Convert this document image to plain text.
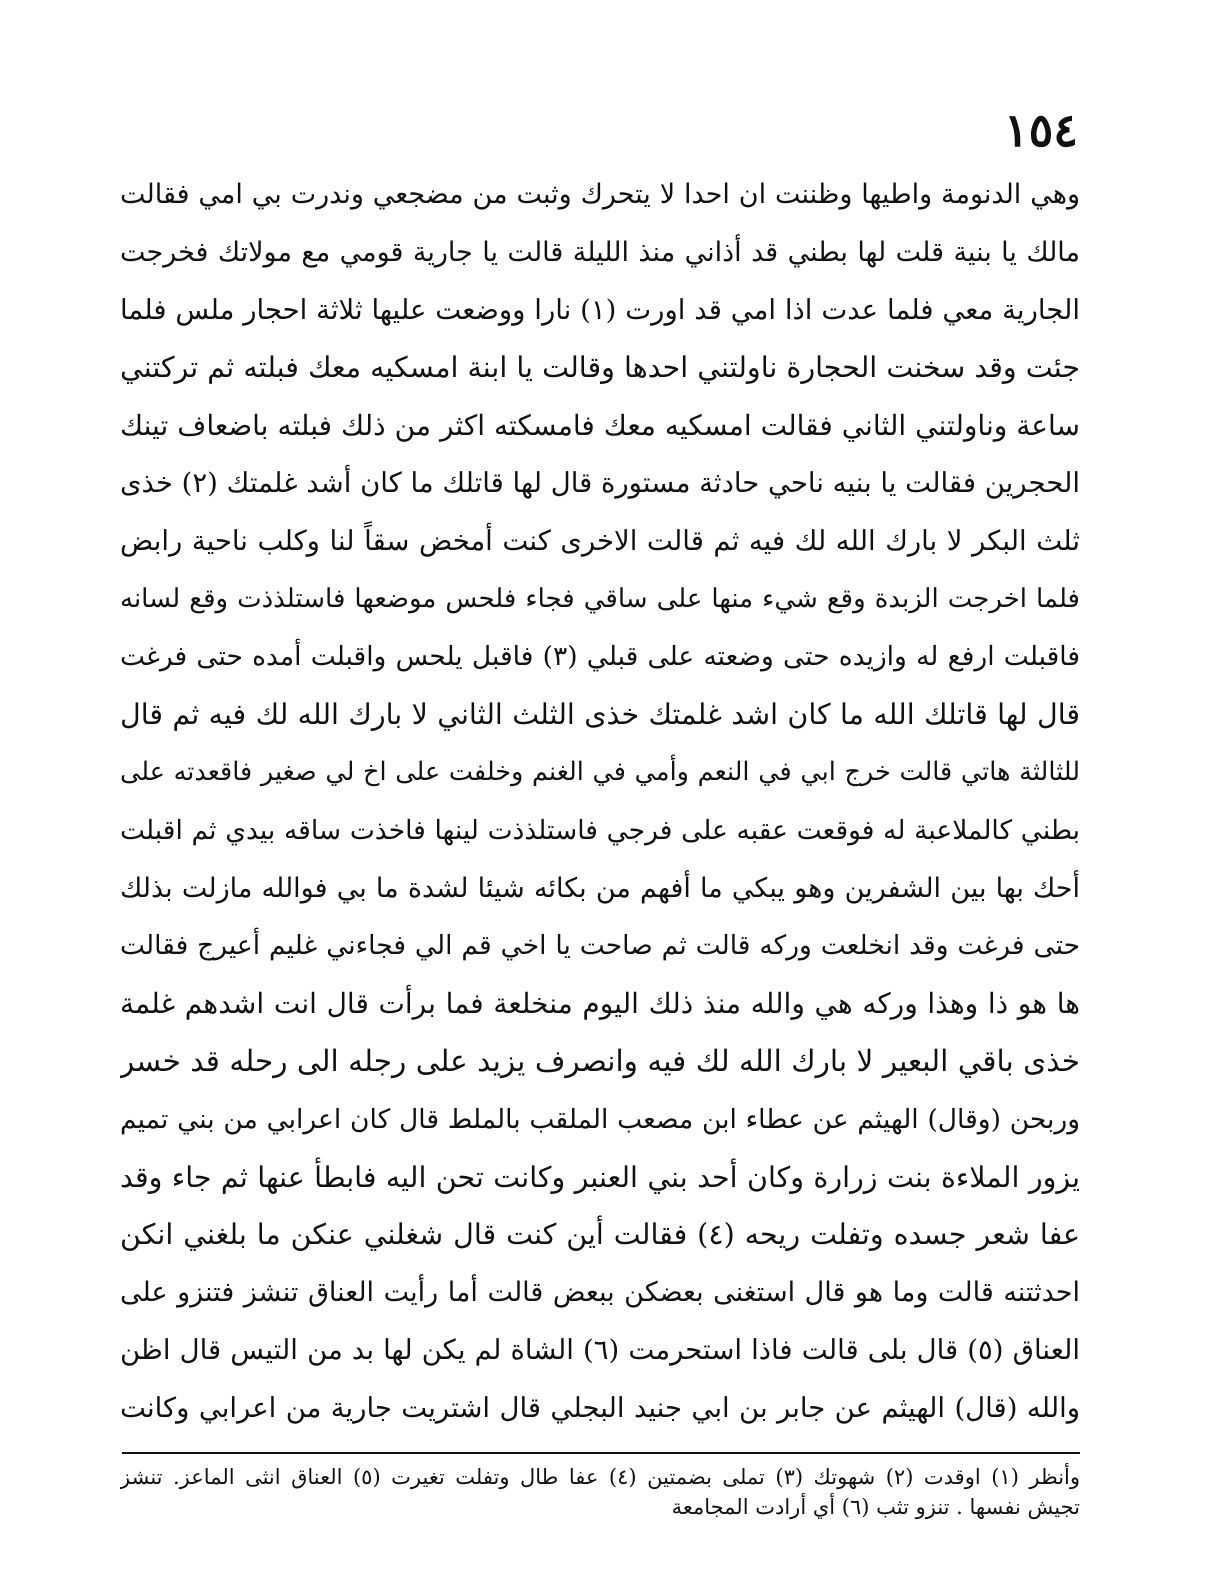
١٥٤
وهي الدنومة واطيها وظننت ان احدا لا يتحرك وثبت من مضجعي وندرت بي امي فقالت
مالك يا بنية قلت لها بطني قد أذاني منذ الليلة قالت يا جارية قومي مع مولاتك فخرجت
الجارية معي فلما عدت اذا امي قد اورت (١) نارا ووضعت عليها ثلاثة احجار ملس فلما
جئت وقد سخنت الحجارة ناولتني احدها وقالت يا ابنة امسكيه معك فبلته ثم تركتني
ساعة وناولتني الثاني فقالت امسكيه معك فامسكته اكثر من ذلك فبلته باضعاف تينك
الحجرين فقالت يا بنيه ناحي حادثة مستورة قال لها قاتلك ما كان أشد غلمتك (٢) خذى
ثلث البكر لا بارك الله لك فيه ثم قالت الاخرى كنت أمخض سقاً لنا وكلب ناحية رابض
فلما اخرجت الزبدة وقع شيء منها على ساقي فجاء فلحس موضعها فاستلذذت وقع لسانه
فاقبلت ارفع له وازيده حتى وضعته على قبلي (٣) فاقبل يلحس واقبلت أمده حتى فرغت
قال لها قاتلك الله ما كان اشد غلمتك خذى الثلث الثاني لا بارك الله لك فيه ثم قال
للثالثة هاتي قالت خرج ابي في النعم وأمي في الغنم وخلفت على اخ لي صغير فاقعدته على
بطني كالملاعبة له فوقعت عقبه على فرجي فاستلذذت لينها فاخذت ساقه بيدي ثم اقبلت
أحك بها بين الشفرين وهو يبكي ما أفهم من بكائه شيئا لشدة ما بي فوالله مازلت بذلك
حتى فرغت وقد انخلعت وركه قالت ثم صاحت يا اخي قم الي فجاءني غليم أعيرج فقالت
ها هو ذا وهذا وركه هي والله منذ ذلك اليوم منخلعة فما برأت قال انت اشدهم غلمة
خذى باقي البعير لا بارك الله لك فيه وانصرف يزيد على رجله الى رحله قد خسر
وربحن (وقال) الهيثم عن عطاء ابن مصعب الملقب بالملط قال كان اعرابي من بني تميم
يزور الملاءة بنت زرارة وكان أحد بني العنبر وكانت تحن اليه فابطأ عنها ثم جاء وقد
عفا شعر جسده وتفلت ريحه (٤) فقالت أين كنت قال شغلني عنكن ما بلغني انكن
احدثتنه قالت وما هو قال استغنى بعضكن ببعض قالت أما رأيت العناق تنشز فتنزو على
العناق (٥) قال بلى قالت فاذا استحرمت (٦) الشاة لم يكن لها بد من التيس قال اظن
والله (قال) الهيثم عن جابر بن ابي جنيد البجلي قال اشتريت جارية من اعرابي وكانت
وأنظر (١) اوقدت (٢) شهوتك (٣) تملى بضمتين (٤) عفا طال وتفلت تغيرت (٥) العناق انثى الماعز. تنشز
تجيش نفسها . تنزو تثب (٦) أي أرادت المجامعة
